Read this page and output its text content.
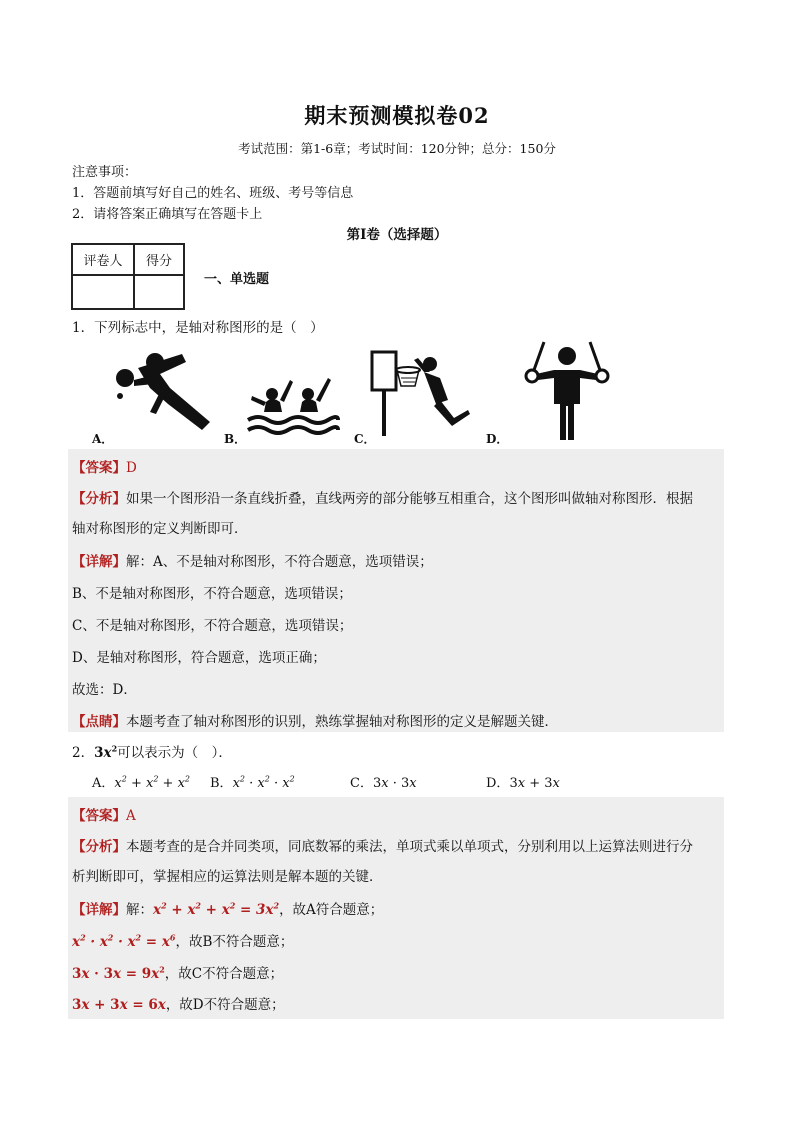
期末预测模拟卷02
考试范围：第1-6章；考试时间：120分钟；总分：150分
注意事项：
1．答题前填写好自己的姓名、班级、考号等信息
2．请将答案正确填写在答题卡上
第I卷（选择题）
评卷人	得分

一、单选题
1．下列标志中，是轴对称图形的是（　）
A．	B．	C．	D．
【答案】D
【分析】如果一个图形沿一条直线折叠，直线两旁的部分能够互相重合，这个图形叫做轴对称图形．根据
轴对称图形的定义判断即可．
【详解】解：A、不是轴对称图形，不符合题意，选项错误；
B、不是轴对称图形，不符合题意，选项错误；
C、不是轴对称图形，不符合题意，选项错误；
D、是轴对称图形，符合题意，选项正确；
故选：D．
【点睛】本题考查了轴对称图形的识别，熟练掌握轴对称图形的定义是解题关键．
2．$3x^2$可以表示为（　）．
A．$x^2 + x^2 + x^2$ B．$x^2 \cdot x^2 \cdot x^2$	C．3x · 3x	D．3x + 3x
【答案】A
【分析】本题考查的是合并同类项，同底数幂的乘法，单项式乘以单项式，分别利用以上运算法则进行分
析判断即可，掌握相应的运算法则是解本题的关键．
【详解】解：$x^2 + x^2 + x^2 = 3x^2$，故A符合题意；
$x^2 \cdot x^2 \cdot x^2 = x^6$，故B不符合题意；
$3x \cdot 3x = 9x^2$，故C不符合题意；
3x + 3x = 6x，故D不符合题意；
